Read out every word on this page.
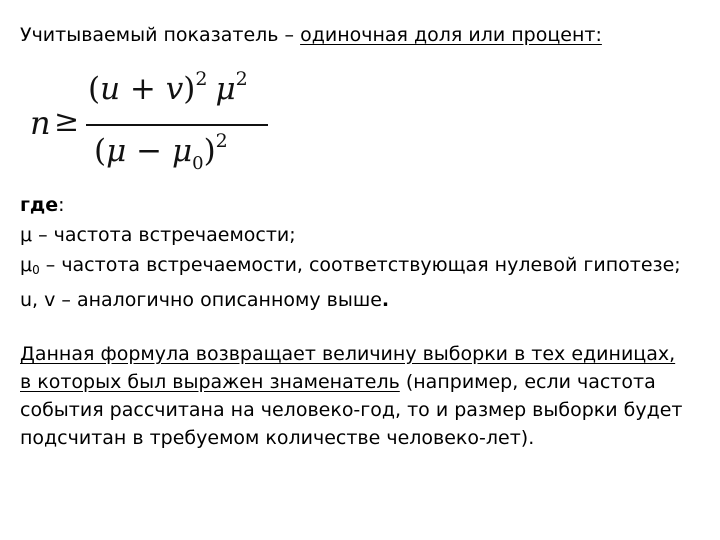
Учитываемый показатель – одиночная доля или процент:
n ≥
$(u + v)^2$ $\mu^2$
$(\mu - \mu_0)^2$
где:
μ – частота встречаемости;
$\mu_0$ – частота встречаемости, соответствующая нулевой гипотезе;
u, v – аналогично описанному выше.
Данная формула возвращает величину выборки в тех единицах,
в которых был выражен знаменатель (например, если частота
события рассчитана на человеко-год, то и размер выборки будет
подсчитан в требуемом количестве человеко-лет).
